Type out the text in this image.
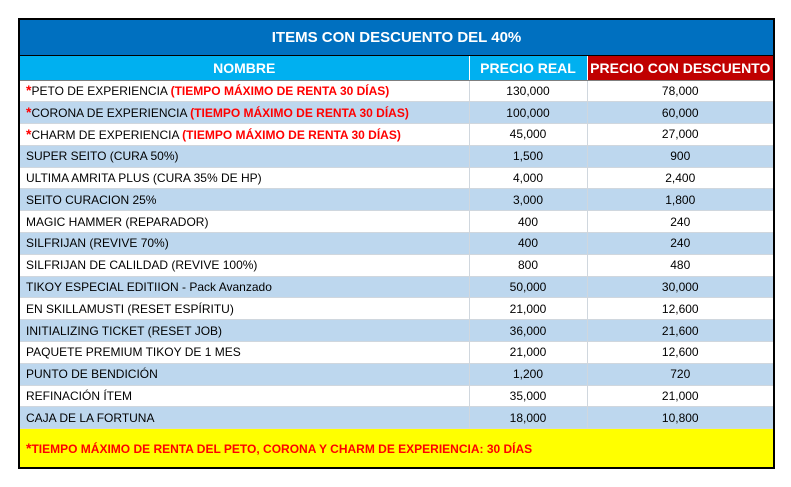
ITEMS CON DESCUENTO DEL 40%		
NOMBRE	PRECIO REAL	PRECIO CON DESCUENTO
*PETO DE EXPERIENCIA (TIEMPO MÁXIMO DE RENTA 30 DÍAS)	130,000	78,000
*CORONA DE EXPERIENCIA (TIEMPO MÁXIMO DE RENTA 30 DÍAS)	100,000	60,000
*CHARM DE EXPERIENCIA (TIEMPO MÁXIMO DE RENTA 30 DÍAS)	45,000	27,000
SUPER SEITO (CURA 50%)	1,500	900
ULTIMA AMRITA PLUS (CURA 35% DE HP)	4,000	2,400
SEITO CURACION 25%	3,000	1,800
MAGIC HAMMER (REPARADOR)	400	240
SILFRIJAN (REVIVE 70%)	400	240
SILFRIJAN DE CALILDAD (REVIVE 100%)	800	480
TIKOY ESPECIAL EDITIION - Pack Avanzado	50,000	30,000
EN SKILLAMUSTI (RESET ESPÍRITU)	21,000	12,600
INITIALIZING TICKET (RESET JOB)	36,000	21,600
PAQUETE PREMIUM TIKOY DE 1 MES	21,000	12,600
PUNTO DE BENDICIÓN	1,200	720
REFINACIÓN ÍTEM	35,000	21,000
CAJA DE LA FORTUNA	18,000	10,800
*TIEMPO MÁXIMO DE RENTA DEL PETO, CORONA Y CHARM DE EXPERIENCIA: 30 DÍAS		
